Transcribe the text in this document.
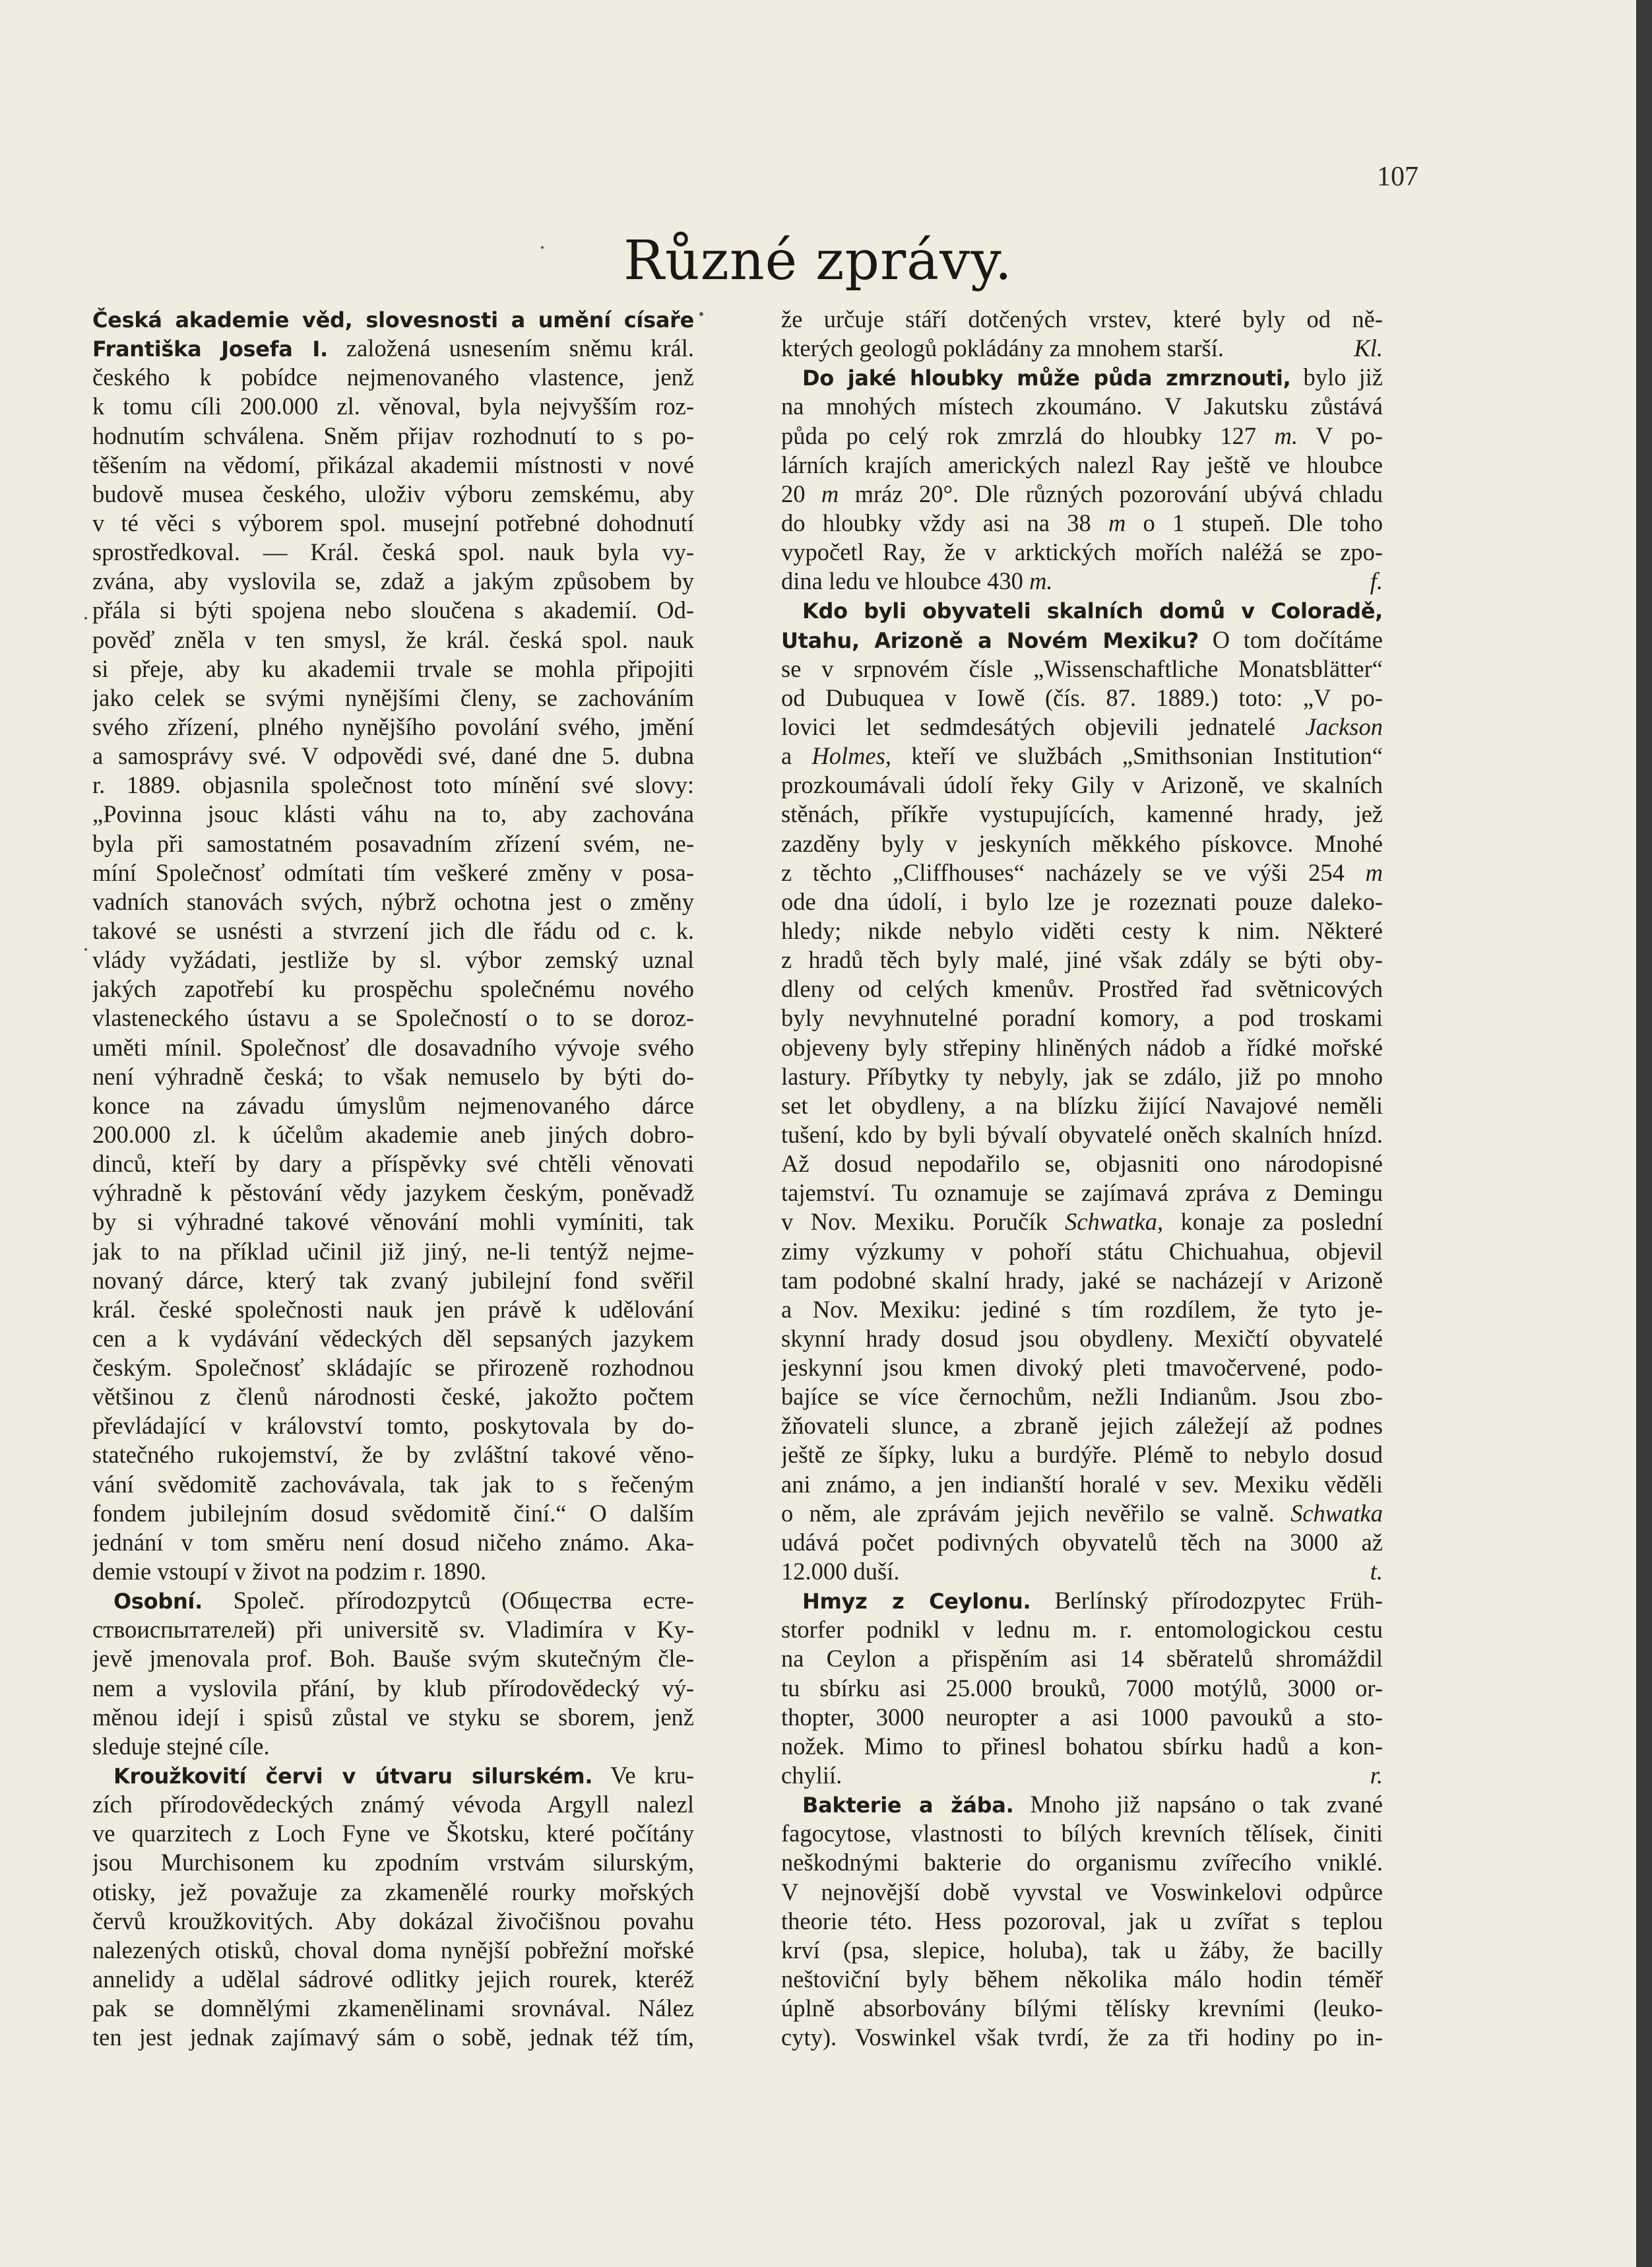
107
Různé zprávy.
Česká akademie věd, slovesnosti a umění císaře
Františka Josefa I. založená usnesením sněmu král.
českého k pobídce nejmenovaného vlastence, jenž
k tomu cíli 200.000 zl. věnoval, byla nejvyšším roz-
hodnutím schválena. Sněm přijav rozhodnutí to s po-
těšením na vědomí, přikázal akademii místnosti v nové
budově musea českého, uloživ výboru zemskému, aby
v té věci s výborem spol. musejní potřebné dohodnutí
sprostředkoval. — Král. česká spol. nauk byla vy-
zvána, aby vyslovila se, zdaž a jakým způsobem by
přála si býti spojena nebo sloučena s akademií. Od-
pověď zněla v ten smysl, že král. česká spol. nauk
si přeje, aby ku akademii trvale se mohla připojiti
jako celek se svými nynějšími členy, se zachováním
svého zřízení, plného nynějšího povolání svého, jmění
a samosprávy své. V odpovědi své, dané dne 5. dubna
r. 1889. objasnila společnost toto mínění své slovy:
„Povinna jsouc klásti váhu na to, aby zachována
byla při samostatném posavadním zřízení svém, ne-
míní Společnosť odmítati tím veškeré změny v posa-
vadních stanovách svých, nýbrž ochotna jest o změny
takové se usnésti a stvrzení jich dle řádu od c. k.
vlády vyžádati, jestliže by sl. výbor zemský uznal
jakých zapotřebí ku prospěchu společnému nového
vlasteneckého ústavu a se Společností o to se doroz-
uměti mínil. Společnosť dle dosavadního vývoje svého
není výhradně česká; to však nemuselo by býti do-
konce na závadu úmyslům nejmenovaného dárce
200.000 zl. k účelům akademie aneb jiných dobro-
dinců, kteří by dary a příspěvky své chtěli věnovati
výhradně k pěstování vědy jazykem českým, poněvadž
by si výhradné takové věnování mohli vymíniti, tak
jak to na příklad učinil již jiný, ne-li tentýž nejme-
novaný dárce, který tak zvaný jubilejní fond svěřil
král. české společnosti nauk jen právě k udělování
cen a k vydávání vědeckých děl sepsaných jazykem
českým. Společnosť skládajíc se přirozeně rozhodnou
většinou z členů národnosti české, jakožto počtem
převládající v království tomto, poskytovala by do-
statečného rukojemství, že by zvláštní takové věno-
vání svědomitě zachovávala, tak jak to s řečeným
fondem jubilejním dosud svědomitě činí.“ O dalším
jednání v tom směru není dosud ničeho známo. Aka-
demie vstoupí v život na podzim r. 1890.
Osobní. Společ. přírodozpytců (Общества есте-
ствоиспытателей) při universitě sv. Vladimíra v Ky-
jevě jmenovala prof. Boh. Bauše svým skutečným čle-
nem a vyslovila přání, by klub přírodovědecký vý-
měnou idejí i spisů zůstal ve styku se sborem, jenž
sleduje stejné cíle.
Kroužkovití červi v útvaru silurském. Ve kru-
zích přírodovědeckých známý vévoda Argyll nalezl
ve quarzitech z Loch Fyne ve Škotsku, které počítány
jsou Murchisonem ku zpodním vrstvám silurským,
otisky, jež považuje za zkamenělé rourky mořských
červů kroužkovitých. Aby dokázal živočišnou povahu
nalezených otisků, choval doma nynější pobřežní mořské
annelidy a udělal sádrové odlitky jejich rourek, kteréž
pak se domnělými zkamenělinami srovnával. Nález
ten jest jednak zajímavý sám o sobě, jednak též tím,
že určuje stáří dotčených vrstev, které byly od ně-
kterých geologů pokládány za mnohem starší.	Kl.
Do jaké hloubky může půda zmrznouti, bylo již
na mnohých místech zkoumáno. V Jakutsku zůstává
půda po celý rok zmrzlá do hloubky 127 m. V po-
lárních krajích amerických nalezl Ray ještě ve hloubce
20 m mráz 20°. Dle různých pozorování ubývá chladu
do hloubky vždy asi na 38 m o 1 stupeň. Dle toho
vypočetl Ray, že v arktických mořích naléžá se zpo-
dina ledu ve hloubce 430 m.	f.
Kdo byli obyvateli skalních domů v Coloradě,
Utahu, Arizoně a Novém Mexiku? O tom dočítáme
se v srpnovém čísle „Wissenschaftliche Monatsblätter“
od Dubuquea v Iowě (čís. 87. 1889.) toto: „V po-
lovici let sedmdesátých objevili jednatelé Jackson
a Holmes, kteří ve službách „Smithsonian Institution“
prozkoumávali údolí řeky Gily v Arizoně, ve skalních
stěnách, příkře vystupujících, kamenné hrady, jež
zazděny byly v jeskyních měkkého pískovce. Mnohé
z těchto „Cliffhouses“ nacházely se ve výši 254 m
ode dna údolí, i bylo lze je rozeznati pouze daleko-
hledy; nikde nebylo viděti cesty k nim. Některé
z hradů těch byly malé, jiné však zdály se býti oby-
dleny od celých kmenův. Prostřed řad světnicových
byly nevyhnutelné poradní komory, a pod troskami
objeveny byly střepiny hliněných nádob a řídké mořské
lastury. Příbytky ty nebyly, jak se zdálo, již po mnoho
set let obydleny, a na blízku žijící Navajové neměli
tušení, kdo by byli bývalí obyvatelé oněch skalních hnízd.
Až dosud nepodařilo se, objasniti ono národopisné
tajemství. Tu oznamuje se zajímavá zpráva z Demingu
v Nov. Mexiku. Poručík Schwatka, konaje za poslední
zimy výzkumy v pohoří státu Chichuahua, objevil
tam podobné skalní hrady, jaké se nacházejí v Arizoně
a Nov. Mexiku: jediné s tím rozdílem, že tyto je-
skynní hrady dosud jsou obydleny. Mexičtí obyvatelé
jeskynní jsou kmen divoký pleti tmavočervené, podo-
bajíce se více černochům, nežli Indianům. Jsou zbo-
žňovateli slunce, a zbraně jejich záležejí až podnes
ještě ze šípky, luku a burdýře. Plémě to nebylo dosud
ani známo, a jen indianští horalé v sev. Mexiku věděli
o něm, ale zprávám jejich nevěřilo se valně. Schwatka
udává počet podivných obyvatelů těch na 3000 až
12.000 duší.	t.
Hmyz z Ceylonu. Berlínský přírodozpytec Früh-
storfer podnikl v lednu m. r. entomologickou cestu
na Ceylon a přispěním asi 14 sběratelů shromáždil
tu sbírku asi 25.000 brouků, 7000 motýlů, 3000 or-
thopter, 3000 neuropter a asi 1000 pavouků a sto-
nožek. Mimo to přinesl bohatou sbírku hadů a kon-
chylií.	r.
Bakterie a žába. Mnoho již napsáno o tak zvané
fagocytose, vlastnosti to bílých krevních tělísek, činiti
neškodnými bakterie do organismu zvířecího vniklé.
V nejnovější době vyvstal ve Voswinkelovi odpůrce
theorie této. Hess pozoroval, jak u zvířat s teplou
krví (psa, slepice, holuba), tak u žáby, že bacilly
neštoviční byly během několika málo hodin téměř
úplně absorbovány bílými tělísky krevními (leuko-
cyty). Voswinkel však tvrdí, že za tři hodiny po in-
